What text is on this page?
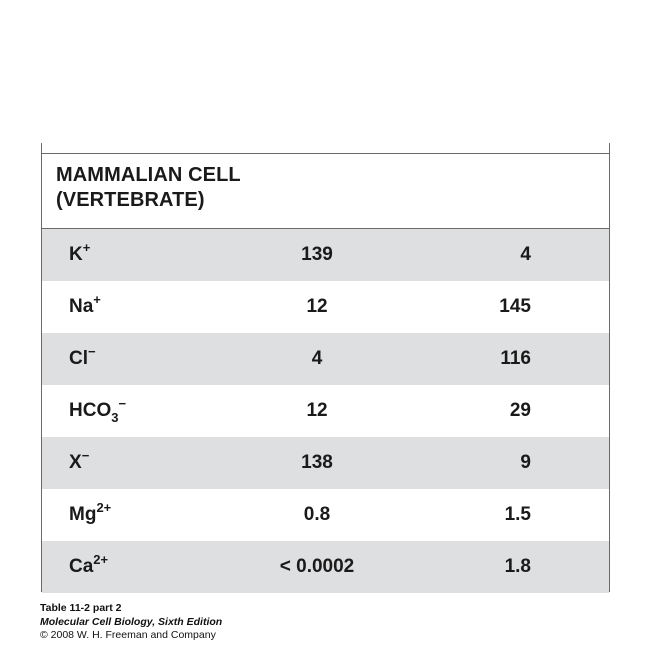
MAMMALIAN CELL
(VERTEBRATE)
K+	139	4
Na+	12	145
Cl−	4	116
$HCO_3^-$	12	29
X−	138	9
$Mg^{2+}$	0.8	1.5
$Ca^{2+}$	< 0.0002	1.8
Table 11-2 part 2
Molecular Cell Biology, Sixth Edition
© 2008 W. H. Freeman and Company
